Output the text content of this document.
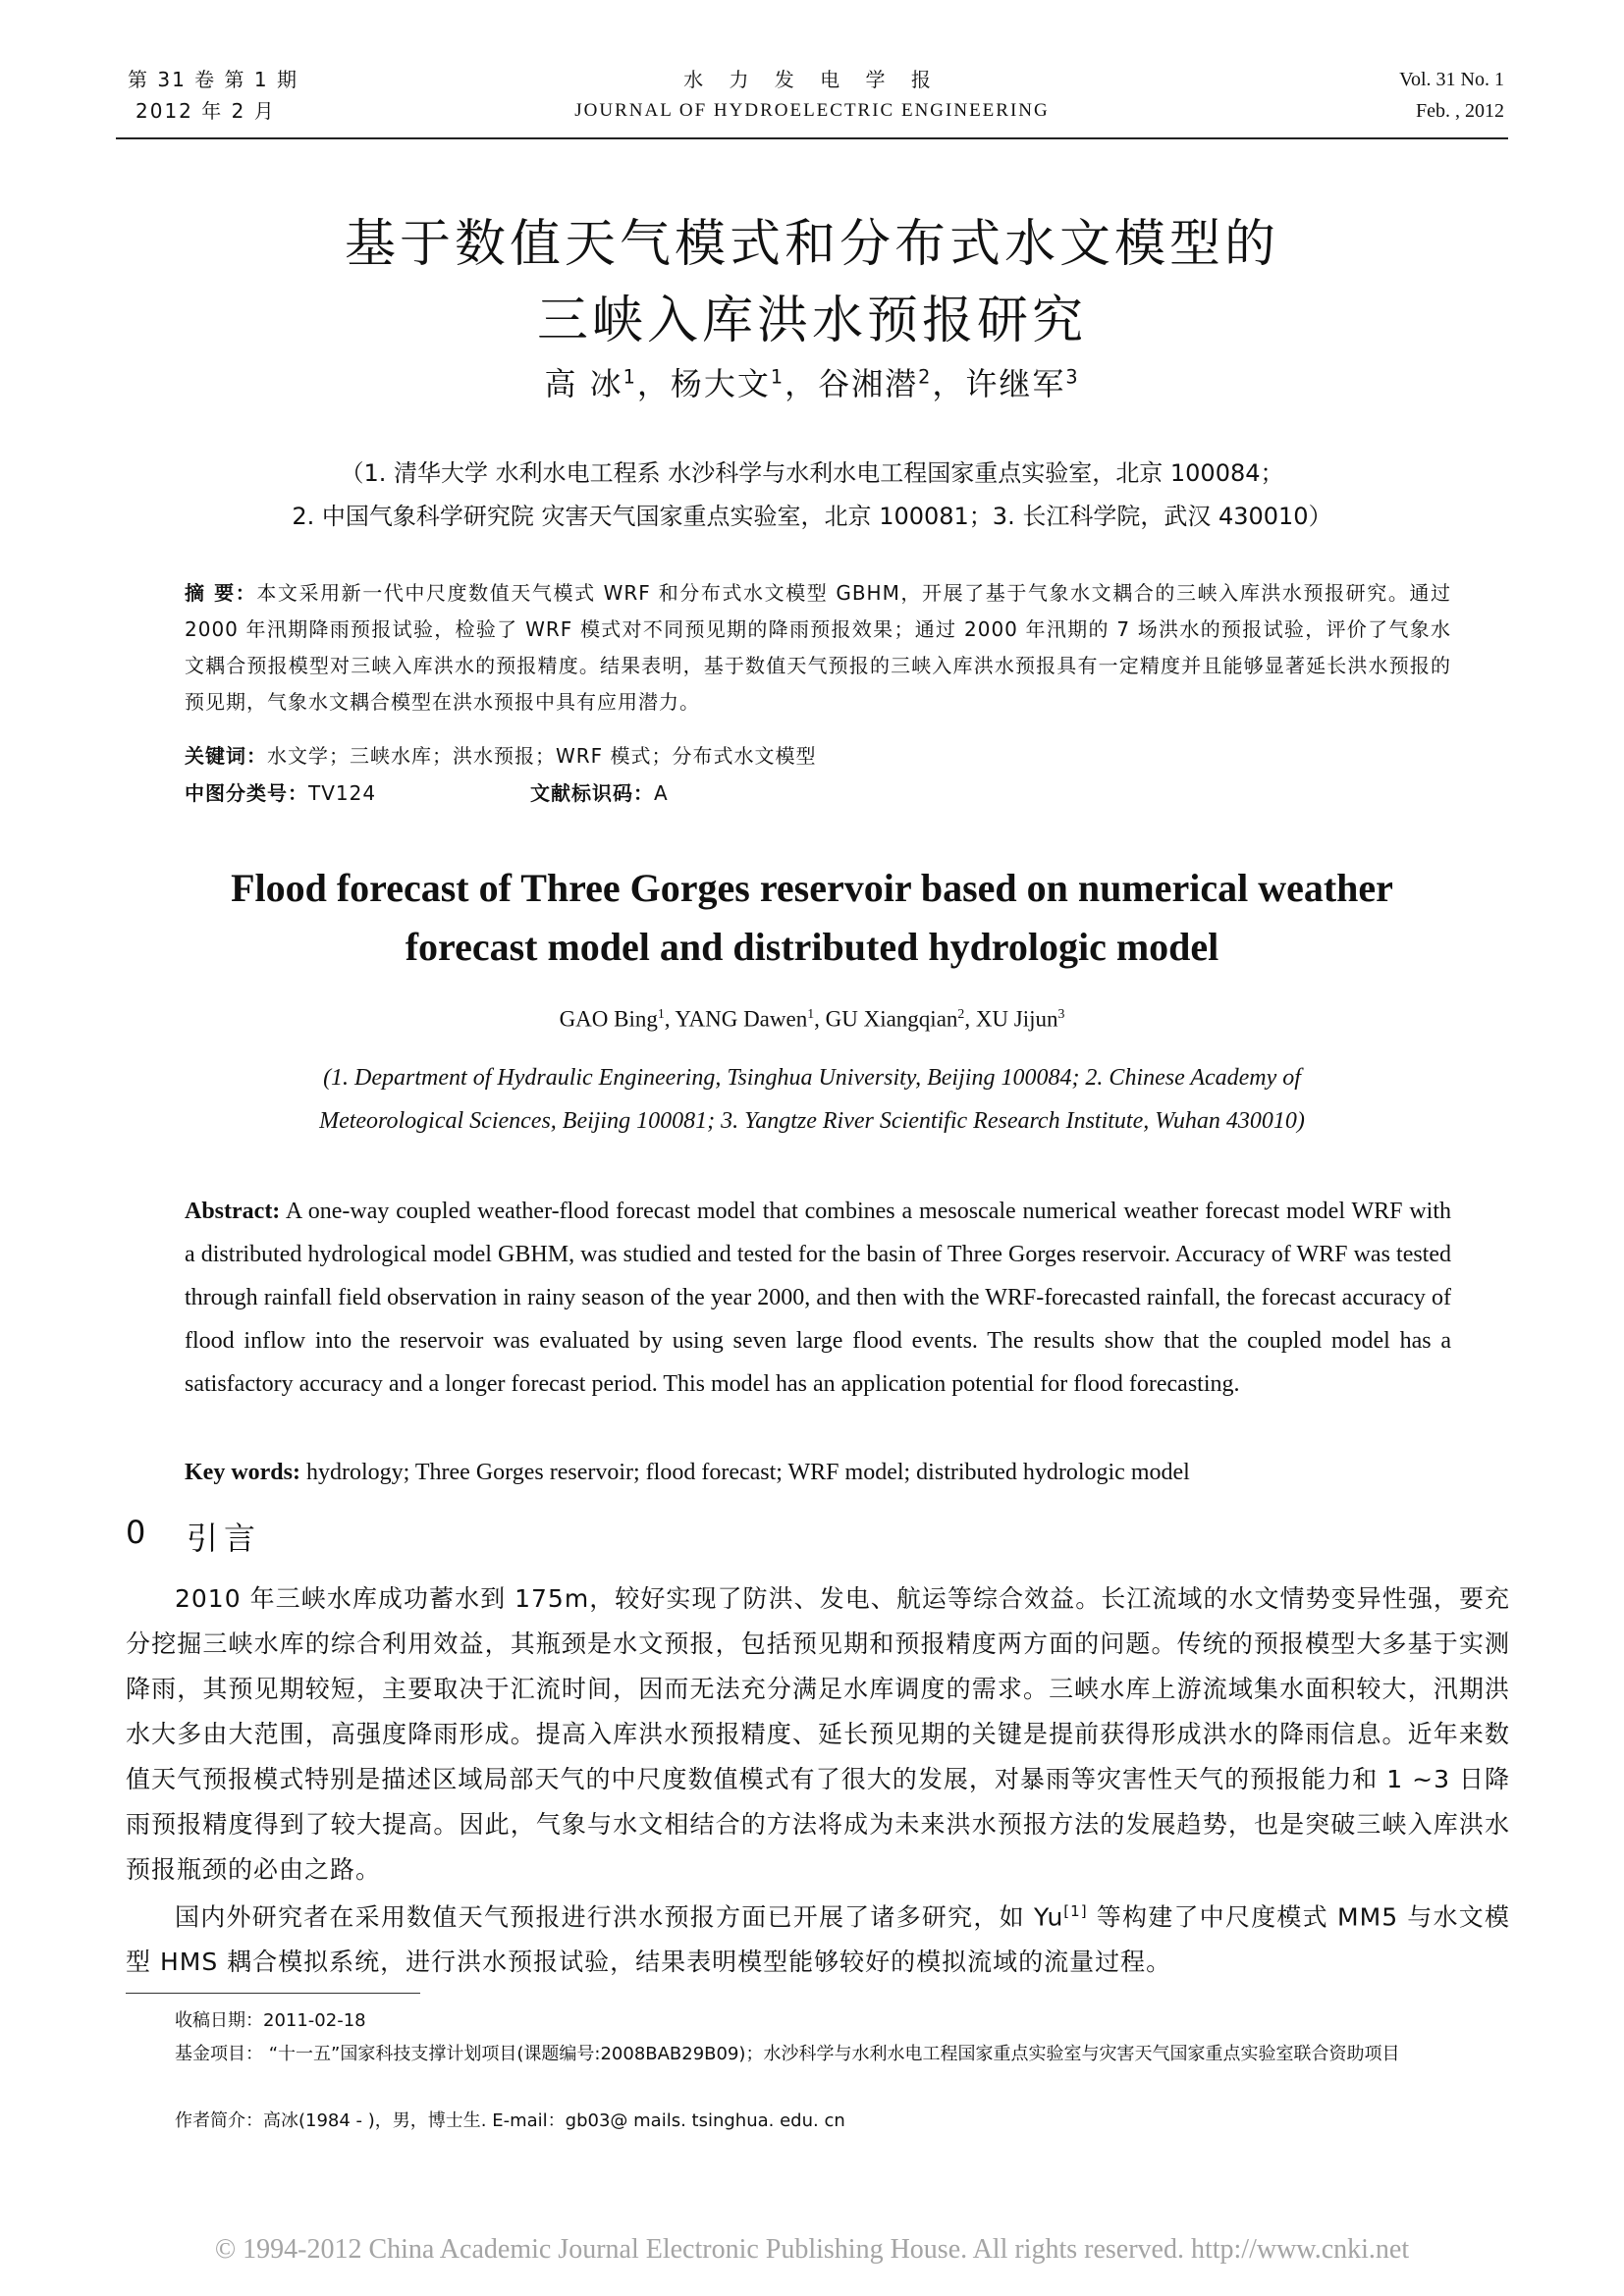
第 31 卷 第 1 期
2012 年 2 月
水 力 发 电 学 报
JOURNAL OF HYDROELECTRIC ENGINEERING
Vol. 31 No. 1
Feb. , 2012
基于数值天气模式和分布式水文模型的
三峡入库洪水预报研究
高 冰$^1$，杨大文$^1$，谷湘潜$^2$，许继军$^3$
（1. 清华大学 水利水电工程系 水沙科学与水利水电工程国家重点实验室，北京 100084；
2. 中国气象科学研究院 灾害天气国家重点实验室，北京 100081；3. 长江科学院，武汉 430010）
摘 要：本文采用新一代中尺度数值天气模式 WRF 和分布式水文模型 GBHM，开展了基于气象水文耦合的三峡入库洪水预报研究。通过 2000 年汛期降雨预报试验，检验了 WRF 模式对不同预见期的降雨预报效果；通过 2000 年汛期的 7 场洪水的预报试验，评价了气象水文耦合预报模型对三峡入库洪水的预报精度。结果表明，基于数值天气预报的三峡入库洪水预报具有一定精度并且能够显著延长洪水预报的预见期，气象水文耦合模型在洪水预报中具有应用潜力。
关键词：水文学；三峡水库；洪水预报；WRF 模式；分布式水文模型
中图分类号：TV124	文献标识码：A
Flood forecast of Three Gorges reservoir based on numerical weather
forecast model and distributed hydrologic model
GAO Bing$^1$, YANG Dawen$^1$, GU Xiangqian$^2$, XU Jijun$^3$
(1. Department of Hydraulic Engineering, Tsinghua University, Beijing 100084; 2. Chinese Academy of
Meteorological Sciences, Beijing 100081; 3. Yangtze River Scientific Research Institute, Wuhan 430010)
Abstract: A one-way coupled weather-flood forecast model that combines a mesoscale numerical weather forecast model WRF with a distributed hydrological model GBHM, was studied and tested for the basin of Three Gorges reservoir. Accuracy of WRF was tested through rainfall field observation in rainy season of the year 2000, and then with the WRF-forecasted rainfall, the forecast accuracy of flood inflow into the reservoir was evaluated by using seven large flood events. The results show that the coupled model has a satisfactory accuracy and a longer forecast period. This model has an application potential for flood forecasting.
Key words: hydrology; Three Gorges reservoir; flood forecast; WRF model; distributed hydrologic model
0 引言
2010 年三峡水库成功蓄水到 175m，较好实现了防洪、发电、航运等综合效益。长江流域的水文情势变异性强，要充分挖掘三峡水库的综合利用效益，其瓶颈是水文预报，包括预见期和预报精度两方面的问题。传统的预报模型大多基于实测降雨，其预见期较短，主要取决于汇流时间，因而无法充分满足水库调度的需求。三峡水库上游流域集水面积较大，汛期洪水大多由大范围，高强度降雨形成。提高入库洪水预报精度、延长预见期的关键是提前获得形成洪水的降雨信息。近年来数值天气预报模式特别是描述区域局部天气的中尺度数值模式有了很大的发展，对暴雨等灾害性天气的预报能力和 1 ~3 日降雨预报精度得到了较大提高。因此，气象与水文相结合的方法将成为未来洪水预报方法的发展趋势，也是突破三峡入库洪水预报瓶颈的必由之路。
国内外研究者在采用数值天气预报进行洪水预报方面已开展了诸多研究，如 Yu[1] 等构建了中尺度模式 MM5 与水文模型 HMS 耦合模拟系统，进行洪水预报试验，结果表明模型能够较好的模拟流域的流量过程。
收稿日期：2011-02-18
基金项目： “十一五”国家科技支撑计划项目(课题编号:2008BAB29B09)；水沙科学与水利水电工程国家重点实验室与灾害天气国家重点实验室联合资助项目
作者简介：高冰(1984 - )，男，博士生. E-mail：gb03@ mails. tsinghua. edu. cn
© 1994-2012 China Academic Journal Electronic Publishing House. All rights reserved. http://www.cnki.net
